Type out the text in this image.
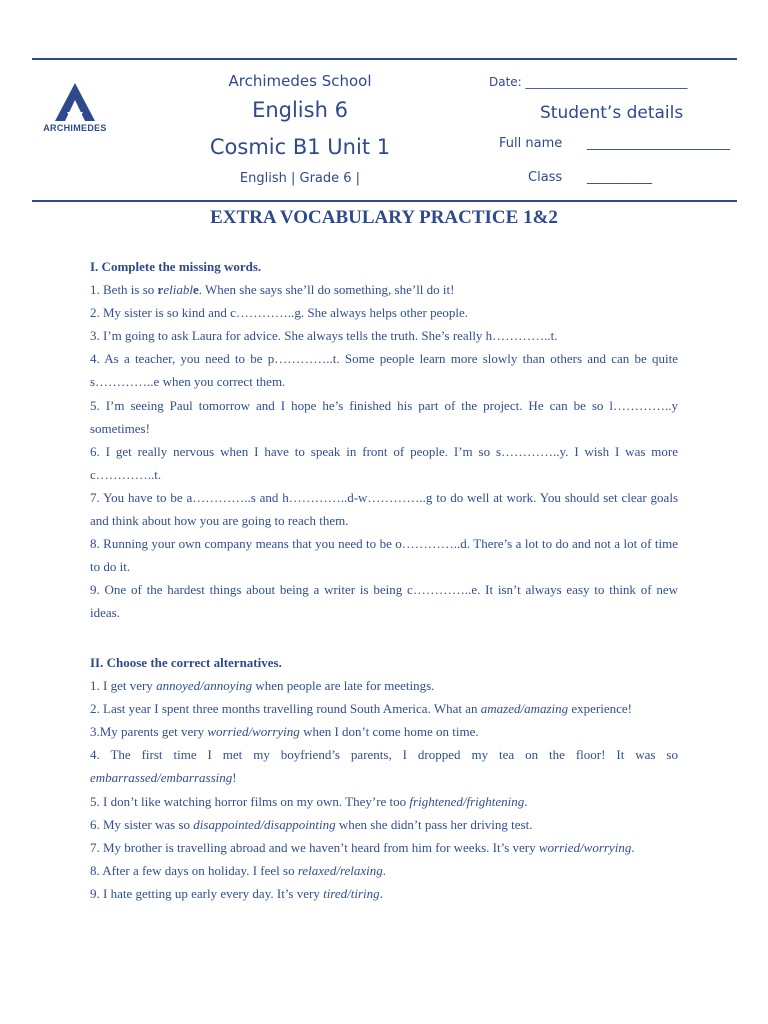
ARCHIMEDES
Archimedes School
English 6
Cosmic B1 Unit 1
English | Grade 6 |
Date: ___________________________
Student’s details
Full name      ______________________
Class      __________
EXTRA VOCABULARY PRACTICE 1&2

I. Complete the missing words.

1. Beth is so reliable. When she says she’ll do something, she’ll do it!

2. My sister is so kind and c…………..g. She always helps other people.

3. I’m going to ask Laura for advice. She always tells the truth. She’s really h…………..t.

4. As a teacher, you need to be p…………..t. Some people learn more slowly than others and can be quite s…………..e when you correct them.

5. I’m seeing Paul tomorrow and I hope he’s finished his part of the project. He can be so l…………..y sometimes!

6. I get really nervous when I have to speak in front of people. I’m so s…………..y. I wish I was more c…………..t.

7. You have to be a…………..s and h…………..d-w…………..g to do well at work. You should set clear goals and think about how you are going to reach them.

8. Running your own company means that you need to be o…………..d. There’s a lot to do and not a lot of time to do it.

9. One of the hardest things about being a writer is being c…………..e. It isn’t always easy to think of new ideas.

II. Choose the correct alternatives.

1. I get very annoyed/annoying when people are late for meetings.

2. Last year I spent three months travelling round South America. What an amazed/amazing experience!

3.My parents get very worried/worrying when I don’t come home on time.

4. The first time I met my boyfriend’s parents, I dropped my tea on the floor! It was so embarrassed/embarrassing!

5. I don’t like watching horror films on my own. They’re too frightened/frightening.

6. My sister was so disappointed/disappointing when she didn’t pass her driving test.

7. My brother is travelling abroad and we haven’t heard from him for weeks. It’s very worried/worrying.

8. After a few days on holiday. I feel so relaxed/relaxing.

9. I hate getting up early every day. It’s very tired/tiring.
